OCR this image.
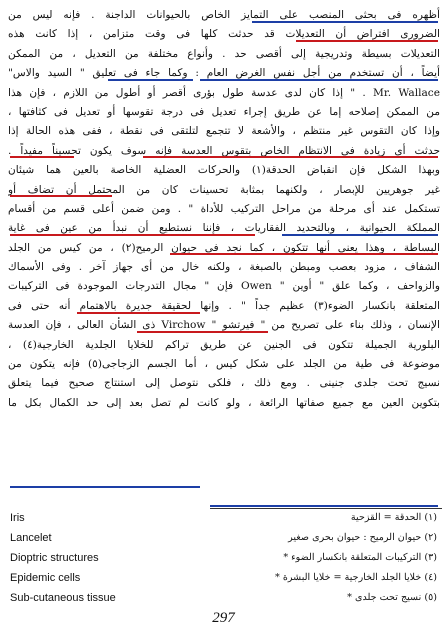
أظهره فى بحثى المنصب على التمايز الخاص بالحيوانات الداجنة . فإنه ليس من
الضرورى افتراض أن التعديلات قد حدثت كلها فى وقت متزامن ، إذا كانت هذه
التعديلات بسيطة وتدريجية إلى أقصى حد . وأنواع مختلفة من التعديل ، من الممكن
أيضاً ، أن تستخدم من أجل نفس الغرض العام : وكما جاء فى تعليق " السيد والاس"
Mr. Wallace . " إذا كان لدى عدسة طول بؤرى أقصر أو أطول من اللازم ، فإن هذا
من الممكن إصلاحه إما عن طريق إجراء تعديل فى درجة تقوسها أو تعديل فى كثافتها ،
وإذا كان التقوس غير منتظم ، والأشعة لا تتجمع لتلتقى فى نقطة ، ففى هذه الحالة إذا
حدثت أى زيادة فى الانتظام الخاص بتقوس العدسة فإنه سوف يكون تحسيناً مفيداً .
وبهذا الشكل فإن انقباض الحدقة(١) والحركات العضلية الخاصة بالعين هما شيئان
غير جوهريين للإبصار ، ولكنهما بمثابة تحسينات كان من المحتمل أن تضاف أو
تستكمل عند أى مرحلة من مراحل التركيب للأداة " . ومن ضمن أعلى قسم من أقسام
المملكة الحيوانية ، وبالتحديد الفقاريات ، فإننا نستطيع أن نبدأ من عين فى غاية
البساطة ، وهذا يعنى أنها تتكون ، كما نجد فى حيوان الرميح(٢) ، من كيس من الجلد
الشفاف ، مزود بعصب ومبطن بالصبغة ، ولكنه خال من أى جهاز آخر . وفى الأسماك
والزواحف ، وكما علق " أوين " Owen فإن " مجال التدرجات الموجودة فى التركيبات
المتعلقة بانكسار الضوء(٣) عظيم جداً " . وإنها لحقيقة جديرة بالاهتمام أنه حتى فى
الإنسان ، وذلك بناء على تصريح من " فيرتشو " Virchow ذى الشأن العالى ، فإن العدسة
البلورية الجميلة تتكون فى الجنين عن طريق تراكم للخلايا الجلدية الخارجية(٤) ،
موضوعة فى طية من الجلد على شكل كيس ، أما الجسم الزجاجى(٥) فإنه يتكون من
نسيج تحت جلدى جنينى . ومع ذلك ، فلكى نتوصل إلى استنتاج صحيح فيما يتعلق
بتكوين العين مع جميع صفاتها الرائعة ، ولو كانت لم تصل بعد إلى حد الكمال بكل ما
Iris	(١) الحدقة = القزحية
Lancelet	(٢) حيوان الرميح : حيوان بحرى صغير
Dioptric structures	(٣) التركيبات المتعلقة بانكسار الضوء *
Epidemic cells	(٤) خلايا الجلد الخارجية = خلايا البشرة *
Sub-cutaneous tissue	(٥) نسيج تحت جلدى *
297
